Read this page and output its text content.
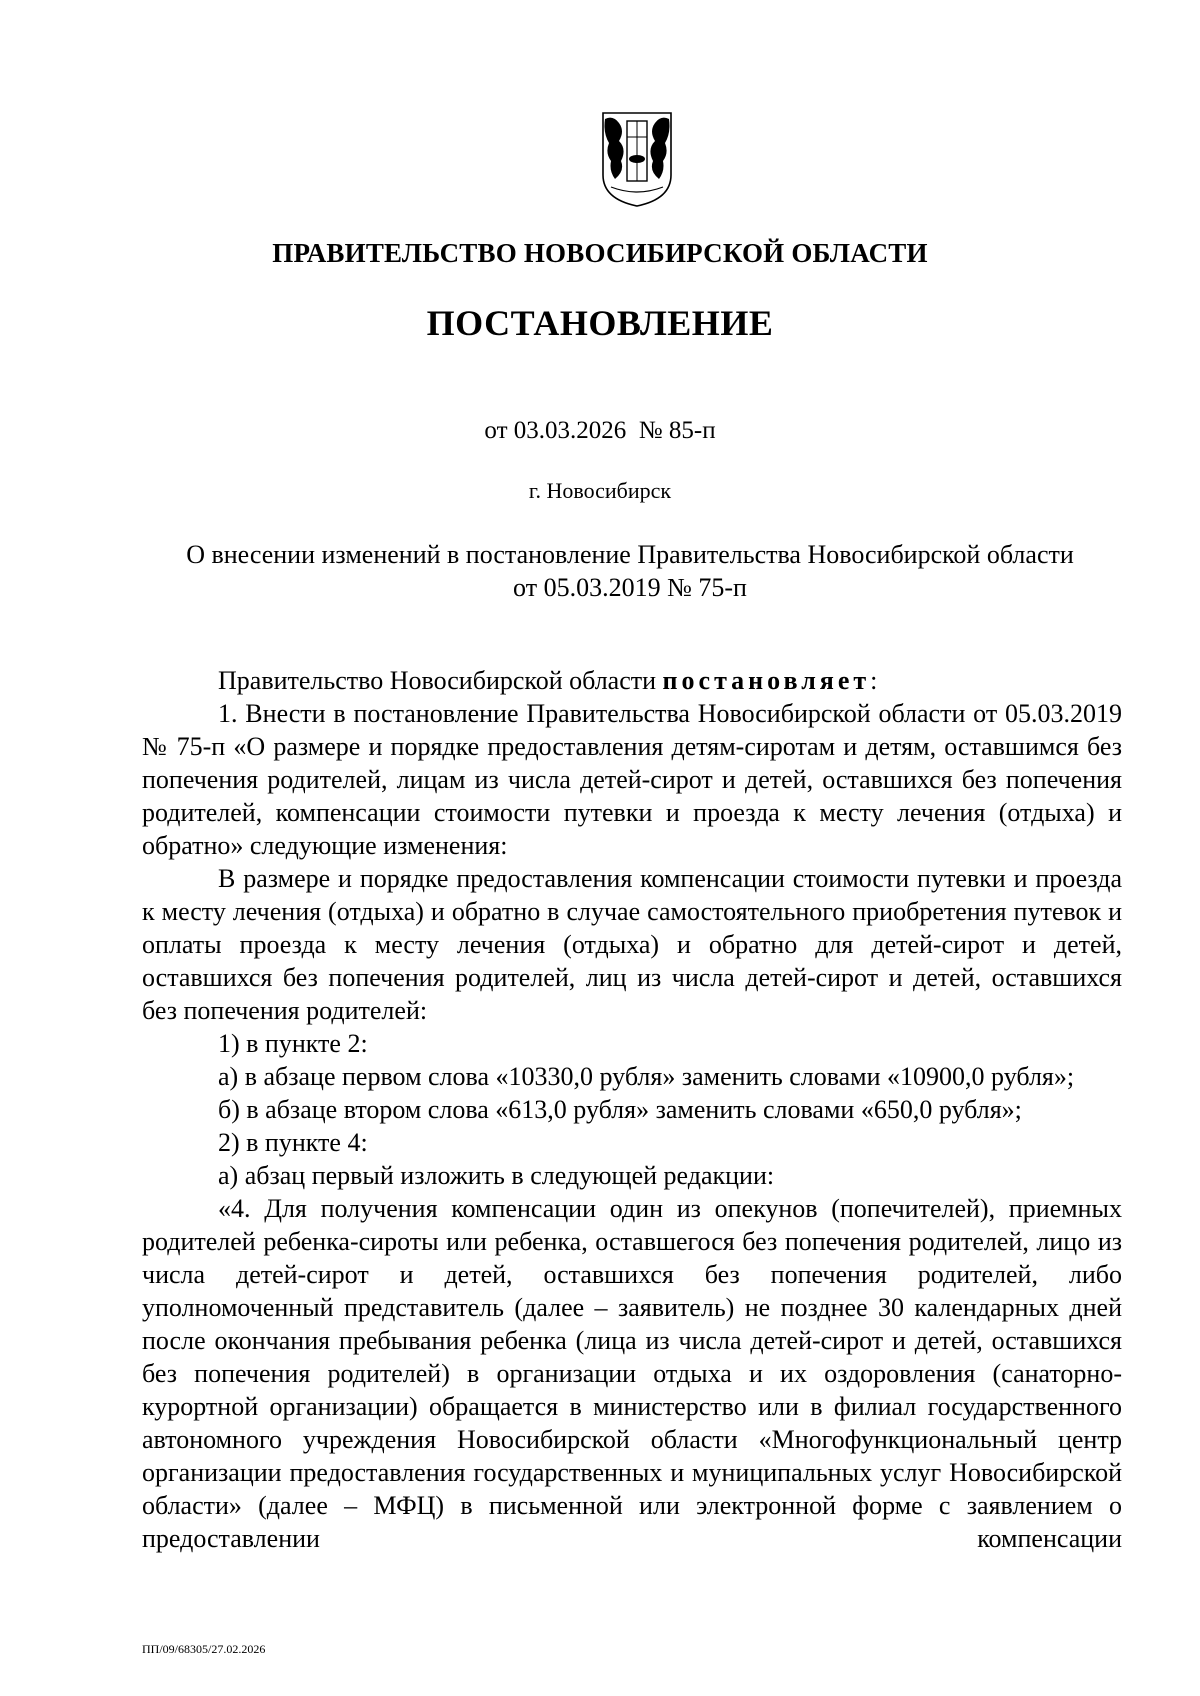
ПРАВИТЕЛЬСТВО НОВОСИБИРСКОЙ ОБЛАСТИ
ПОСТАНОВЛЕНИЕ
от 03.03.2026  № 85-п
г. Новосибирск
О внесении изменений в постановление Правительства Новосибирской области
от 05.03.2019 № 75-п

Правительство Новосибирской области постановляет:

1. Внести в постановление Правительства Новосибирской области от 05.03.2019 № 75-п «О размере и порядке предоставления детям-сиротам и детям, оставшимся без попечения родителей, лицам из числа детей-сирот и детей, оставшихся без попечения родителей, компенсации стоимости путевки и проезда к месту лечения (отдыха) и обратно» следующие изменения:

В размере и порядке предоставления компенсации стоимости путевки и проезда к месту лечения (отдыха) и обратно в случае самостоятельного приобретения путевок и оплаты проезда к месту лечения (отдыха) и обратно для детей-сирот и детей, оставшихся без попечения родителей, лиц из числа детей-сирот и детей, оставшихся без попечения родителей:

1) в пункте 2:

а) в абзаце первом слова «10330,0 рубля» заменить словами «10900,0 рубля»;

б) в абзаце втором слова «613,0 рубля» заменить словами «650,0 рубля»;

2) в пункте 4:

а) абзац первый изложить в следующей редакции:

«4. Для получения компенсации один из опекунов (попечителей), приемных родителей ребенка-сироты или ребенка, оставшегося без попечения родителей, лицо из числа детей-сирот и детей, оставшихся без попечения родителей, либо уполномоченный представитель (далее – заявитель) не позднее 30 календарных дней после окончания пребывания ребенка (лица из числа детей-сирот и детей, оставшихся без попечения родителей) в организации отдыха и их оздоровления (санаторно-курортной организации) обращается в министерство или в филиал государственного автономного учреждения Новосибирской области «Многофункциональный центр организации предоставления государственных и муниципальных услуг Новосибирской области» (далее – МФЦ) в письменной или электронной форме с заявлением о предоставлении компенсации

ПП/09/68305/27.02.2026
